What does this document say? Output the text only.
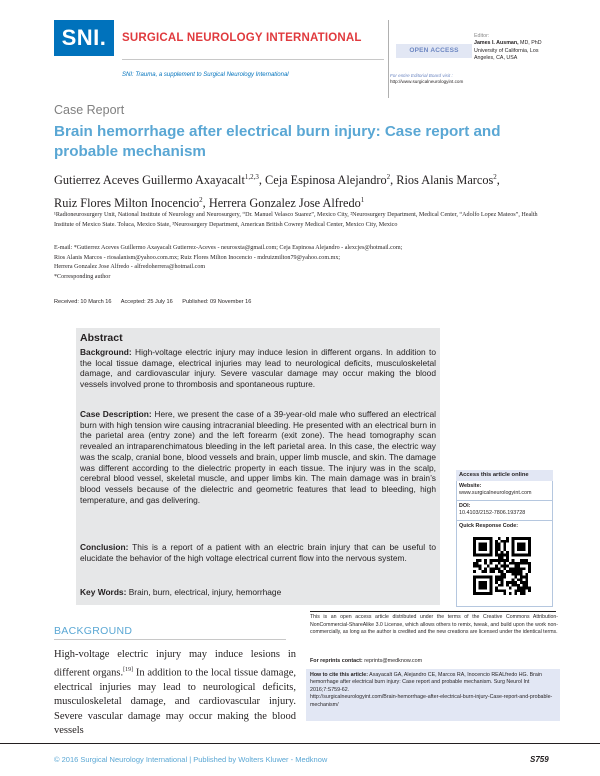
SNI.	SURGICAL NEUROLOGY INTERNATIONAL
SNI: Trauma, a supplement to Surgical Neurology International
OPEN ACCESS
For entire Editorial Board visit :
http://www.surgicalneurologyint.com
Editor:
James I. Ausman, MD, PhD
University of California, Los
Angeles, CA, USA
Case Report
Brain hemorrhage after electrical burn injury: Case report and probable mechanism
Gutierrez Aceves Guillermo Axayacalt$^{1,2,3}$, Ceja Espinosa Alejandro$^2$, Rios Alanis Marcos$^2$,
Ruiz Flores Milton Inocencio$^2$, Herrera Gonzalez Jose Alfredo$^1$
¹Radioneurosurgery Unit, National Institute of Neurology and Neurosurgery, “Dr. Manuel Velasco Suarez”, Mexico City, ²Neurosurgery Department, Medical Center, “Adolfo Lopez Mateos”, Health Institute of Mexico State. Toluca, Mexico State, ³Neurosurgery Department, American British Cowrey Medical Center, Mexico City, Mexico
E-mail: *Gutierrez Aceves Guillermo Axayacalt Gutierrez-Aceves - neurosxta@gmail.com; Ceja Espinosa Alejandro - alexcjes@hotmail.com;
Rios Alanis Marcos - riosalanism@yahoo.com.mx; Ruiz Flores Milton Inocencio - mdruizmilton79@yahoo.com.mx;
Herrera Gonzalez Jose Alfredo - alfredoherrera@hotmail.com
*Corresponding author
Received: 10 March 16 Accepted: 25 July 16 Published: 09 November 16
Abstract
Background: High-voltage electric injury may induce lesion in different organs. In addition to the local tissue damage, electrical injuries may lead to neurological deficits, musculoskeletal damage, and cardiovascular injury. Severe vascular damage may occur making the blood vessels involved prone to thrombosis and spontaneous rupture.
Case Description: Here, we present the case of a 39-year-old male who suffered an electrical burn with high tension wire causing intracranial bleeding. He presented with an electrical burn in the parietal area (entry zone) and the left forearm (exit zone). The head tomography scan revealed an intraparenchimatous bleeding in the left parietal area. In this case, the electric way was the scalp, cranial bone, blood vessels and brain, upper limb muscle, and skin. The damage was different according to the dielectric property in each tissue. The injury was in the scalp, cerebral blood vessel, skeletal muscle, and upper limbs kin. The main damage was in brain’s blood vessels because of the dielectric and geometric features that lead to bleeding, high temperature, and gas delivering.
Conclusion: This is a report of a patient with an electric brain injury that can be useful to elucidate the behavior of the high voltage electrical current flow into the nervous system.
Key Words: Brain, burn, electrical, injury, hemorrhage
Access this article online
Website:
www.surgicalneurologyint.com
DOI:
10.4103/2152-7806.193728
Quick Response Code:
BACKGROUND
High-voltage electric injury may induce lesions in different organs.[19] In addition to the local tissue damage, electrical injuries may lead to neurological deficits, musculoskeletal damage, and cardiovascular injury. Severe vascular damage may occur making the blood vessels
This is an open access article distributed under the terms of the Creative Commons Attribution-NonCommercial-ShareAlike 3.0 License, which allows others to remix, tweak, and build upon the work non-commercially, as long as the author is credited and the new creations are licensed under the identical terms.
For reprints contact: reprints@medknow.com
How to cite this article: Axayacalt GA, Alejandro CE, Marcos RA, Inocencio REALfredo HG. Brain hemorrhage after electrical burn injury: Case report and probable mechanism. Surg Neurol Int 2016;7:S759-62.
http://surgicalneurologyint.com/Brain-hemorrhage-after-electrical-burn-injury-Case-report-and-probable-mechanism/
© 2016 Surgical Neurology International | Published by Wolters Kluwer - Medknow	S759
